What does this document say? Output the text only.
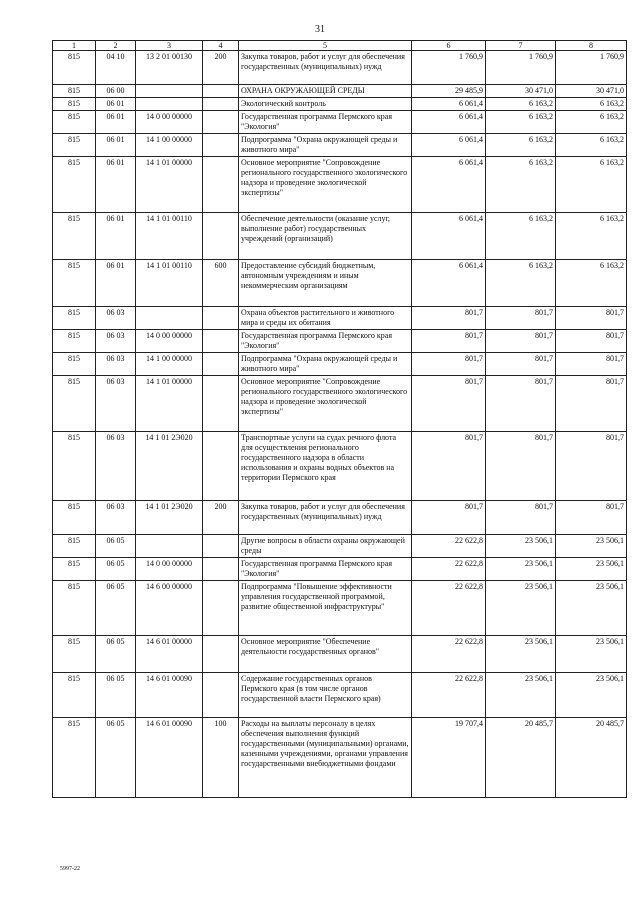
31
1	2	3	4	5	6	7	8
815	04 10	13 2 01 00130	200	Закупка товаров, работ и услуг для обеспечения государственных (муниципальных) нужд	1 760,9	1 760,9	1 760,9
815	06 00			ОХРАНА ОКРУЖАЮЩЕЙ СРЕДЫ	29 485,9	30 471,0	30 471,0
815	06 01			Экологический контроль	6 061,4	6 163,2	6 163,2
815	06 01	14 0 00 00000		Государственная программа Пермского края "Экология"	6 061,4	6 163,2	6 163,2
815	06 01	14 1 00 00000		Подпрограмма "Охрана окружающей среды и животного мира"	6 061,4	6 163,2	6 163,2
815	06 01	14 1 01 00000		Основное мероприятие "Сопровождение регионального государственного экологического надзора и проведение экологической экспертизы"	6 061,4	6 163,2	6 163,2
815	06 01	14 1 01 00110		Обеспечение деятельности (оказание услуг, выполнение работ) государственных учреждений (организаций)	6 061,4	6 163,2	6 163,2
815	06 01	14 1 01 00110	600	Предоставление субсидий бюджетным, автономным учреждениям и иным некоммерческим организациям	6 061,4	6 163,2	6 163,2
815	06 03			Охрана объектов растительного и животного мира и среды их обитания	801,7	801,7	801,7
815	06 03	14 0 00 00000		Государственная программа Пермского края "Экология"	801,7	801,7	801,7
815	06 03	14 1 00 00000		Подпрограмма "Охрана окружающей среды и животного мира"	801,7	801,7	801,7
815	06 03	14 1 01 00000		Основное мероприятие "Сопровождение регионального государственного экологического надзора и проведение экологической экспертизы"	801,7	801,7	801,7
815	06 03	14 1 01 2Э020		Транспортные услуги на судах речного флота для осуществления регионального государственного надзора в области использования и охраны водных объектов на территории Пермского края	801,7	801,7	801,7
815	06 03	14 1 01 2Э020	200	Закупка товаров, работ и услуг для обеспечения государственных (муниципальных) нужд	801,7	801,7	801,7
815	06 05			Другие вопросы в области охраны окружающей среды	22 622,8	23 506,1	23 506,1
815	06 05	14 0 00 00000		Государственная программа Пермского края "Экология"	22 622,8	23 506,1	23 506,1
815	06 05	14 6 00 00000		Подпрограмма "Повышение эффективности управления государственной программой, развитие общественной инфраструктуры"	22 622,8	23 506,1	23 506,1
815	06 05	14 6 01 00000		Основное мероприятие "Обеспечение деятельности государственных органов"	22 622,8	23 506,1	23 506,1
815	06 05	14 6 01 00090		Содержание государственных органов Пермского края (в том числе органов государственной власти Пермского края)	22 622,8	23 506,1	23 506,1
815	06 05	14 6 01 00090	100	Расходы на выплаты персоналу в целях обеспечения выполнения функций государственными (муниципальными) органами, казенными учреждениями, органами управления государственными внебюджетными фондами	19 707,4	20 485,7	20 485,7
5997-22
